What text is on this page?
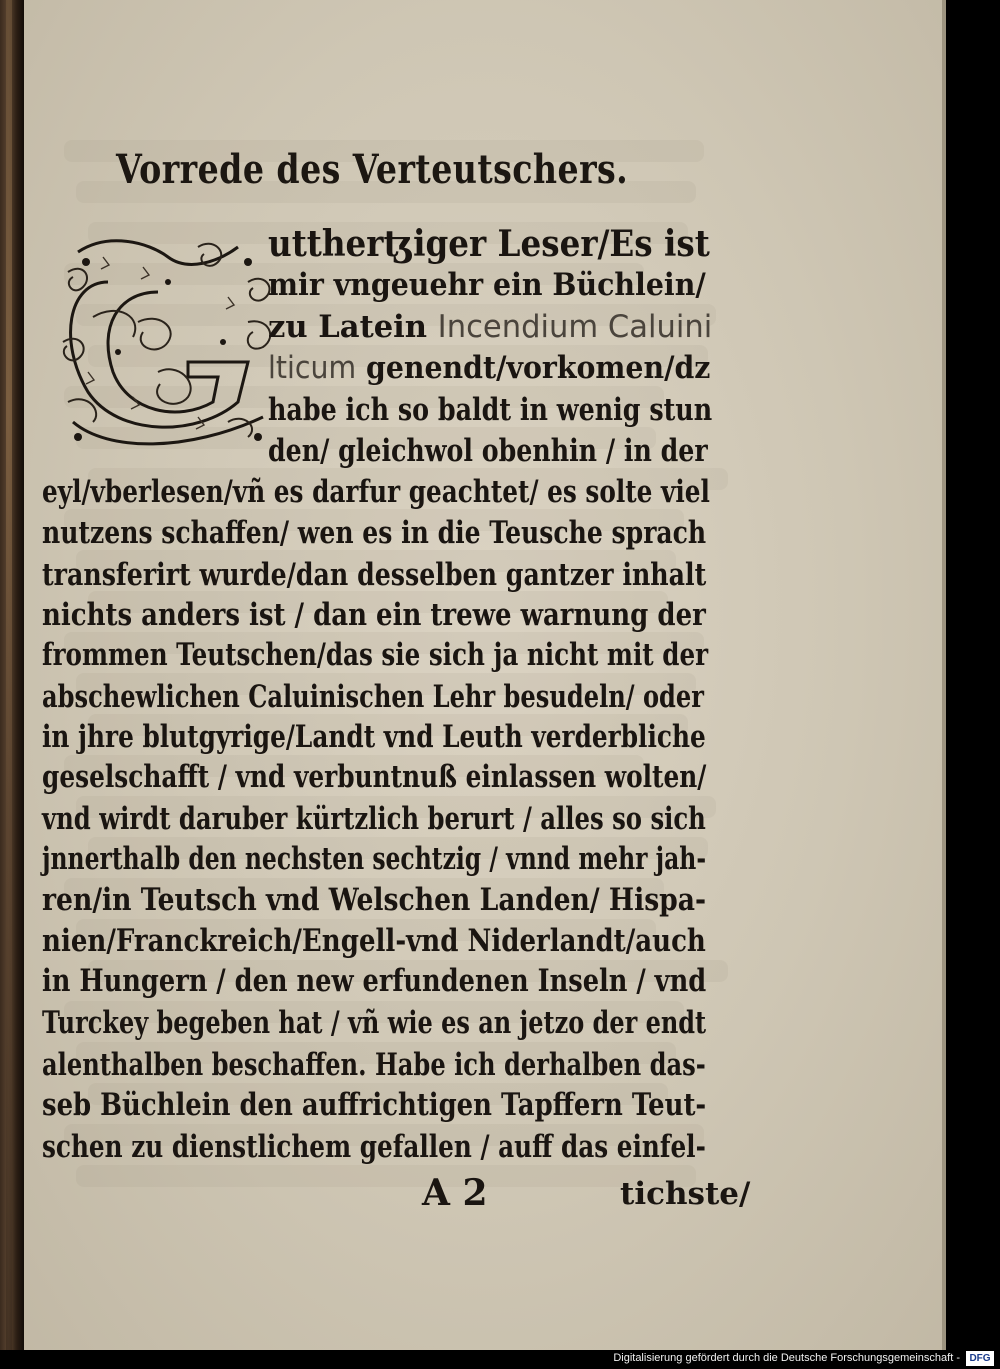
Vorrede des Verteutschers.
uttherꜩiger Leser/Es ist
mir vngeuehr ein Büchlein/
zu Latein Incendium Caluini
lticum genendt/vorkomen/dz
habe ich so baldt in wenig stun
den/ gleichwol obenhin / in der
eyl/vberlesen/vñ es darfur geachtet/ es solte viel
nutzens schaffen/ wen es in die Teusche sprach
transferirt wurde/dan desselben gantzer inhalt
nichts anders ist / dan ein trewe warnung der
frommen Teutschen/das sie sich ja nicht mit der
abschewlichen Caluinischen Lehr besudeln/ oder
in jhre blutgyrige/Landt vnd Leuth verderbliche
geselschafft / vnd verbuntnuß einlassen wolten/
vnd wirdt daruber kürtzlich berurt / alles so sich
jnnerthalb den nechsten sechtzig / vnnd mehr jah-
ren/in Teutsch vnd Welschen Landen/ Hispa-
nien/Franckreich/Engell-vnd Niderlandt/auch
in Hungern / den new erfundenen Inseln / vnd
Turckey begeben hat / vñ wie es an jetzo der endt
alenthalben beschaffen. Habe ich derhalben das-
seb Büchlein den auffrichtigen Tapffern Teut-
schen zu dienstlichem gefallen / auff das einfel-
A 2	tichste/
Digitalisierung gefördert durch die Deutsche Forschungsgemeinschaft - DFG
